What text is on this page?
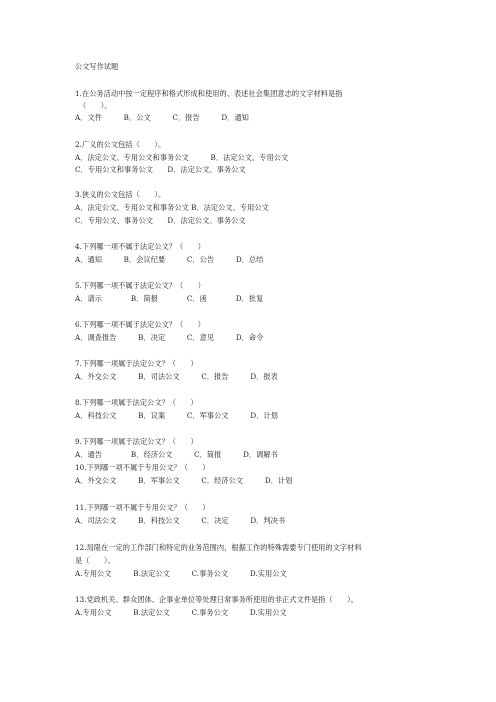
公文写作试题
1.在公务活动中按一定程序和格式形成和使用的、表述社会集团意志的文字材料是指
（　　）。
A．文件　　　B．公文　　　C．报告　　　D．通知
2.广义的公文包括（　　）。
A．法定公文、专用公文和事务公文　　　B．法定公文、专用公文
C．专用公文和事务公文　　D．法定公文、事务公文
3.狭义的公文包括（　　）。
A．法定公文、专用公文和事务公文 B．法定公文、专用公文
C．专用公文、事务公文　　D．法定公文、事务公文
4.下列哪一项不属于法定公文？（　　）
A．通知　　　B．会议纪要　　　C．公告　　　D．总结
5.下列哪一项不属于法定公文？（　　）
A．请示　　　　B．简报　　　　C．函　　　　D．批复
6.下列哪一项不属于法定公文？（　　）
A．调查报告　　　B．决定　　　C．意见　　　D．命令
7.下列哪一项属于法定公文？（　　）
A．外交公文　　　B．司法公文　　　C．报告　　　D．报表
8.下列哪一项属于法定公文？（　　）
A．科技公文　　　B．议案　　　C．军事公文　　　D．计划
9.下列哪一项属于法定公文？（　　）
A．通告　　　　B．经济公文　　　C．简报　　　D．调解书
10.下列哪一项不属于专用公文？（　　）
A．外交公文　　　B．军事公文　　　C．经济公文　　　D．计划
11.下列哪一项不属于专用公文？（　　）
A．司法公文　　　B．科技公文　　　C．决定　　　D．判决书
12.局限在一定的工作部门和特定的业务范围内，根据工作的特殊需要专门使用的文字材料
是（　　）。
A.专用公文　　　B.法定公文　　　C.事务公文　　　D.实用公文
13.党政机关、群众团体、企事业单位等处理日常事务所使用的非正式文件是指（　　）。
A.专用公文　　　B.法定公文　　　C.事务公文　　　D.实用公文
